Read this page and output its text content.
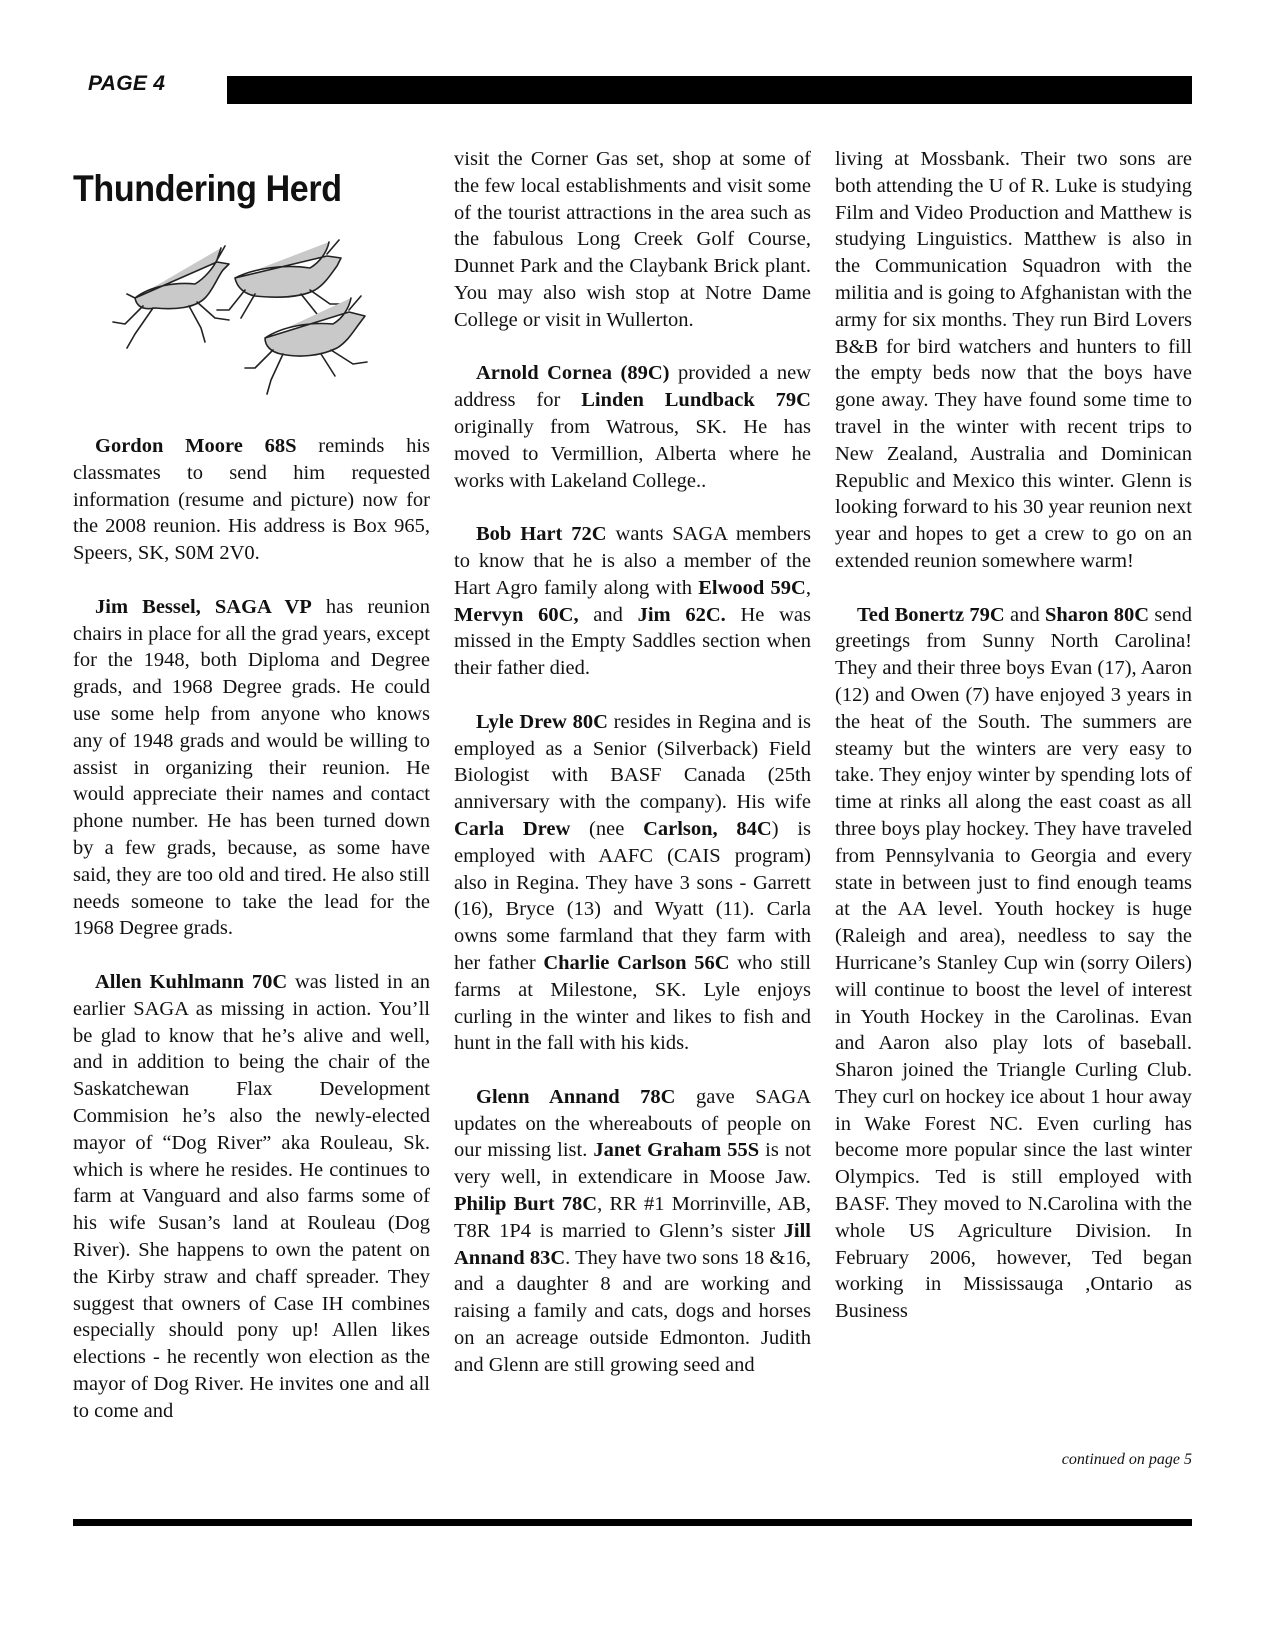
PAGE 4
Thundering Herd

Gordon Moore 68S reminds his classmates to send him requested information (resume and picture) now for the 2008 reunion. His address is Box 965, Speers, SK, S0M 2V0.

Jim Bessel, SAGA VP has reunion chairs in place for all the grad years, except for the 1948, both Diploma and Degree grads, and 1968 Degree grads. He could use some help from anyone who knows any of 1948 grads and would be willing to assist in organizing their reunion. He would appreciate their names and contact phone number. He has been turned down by a few grads, because, as some have said, they are too old and tired. He also still needs someone to take the lead for the 1968 Degree grads.

Allen Kuhlmann 70C was listed in an earlier SAGA as missing in action. You’ll be glad to know that he’s alive and well, and in addition to being the chair of the Saskatchewan Flax Development Commision he’s also the newly-elected mayor of “Dog River” aka Rouleau, Sk. which is where he resides. He continues to farm at Vanguard and also farms some of his wife Susan’s land at Rouleau (Dog River). She happens to own the patent on the Kirby straw and chaff spreader. They suggest that owners of Case IH combines especially should pony up! Allen likes elections - he recently won election as the mayor of Dog River. He invites one and all to come and

visit the Corner Gas set, shop at some of the few local establishments and visit some of the tourist attractions in the area such as the fabulous Long Creek Golf Course, Dunnet Park and the Claybank Brick plant. You may also wish stop at Notre Dame College or visit in Wullerton.

Arnold Cornea (89C) provided a new address for Linden Lundback 79C originally from Watrous, SK. He has moved to Vermillion, Alberta where he works with Lakeland College..

Bob Hart 72C wants SAGA members to know that he is also a member of the Hart Agro family along with Elwood 59C, Mervyn 60C, and Jim 62C. He was missed in the Empty Saddles section when their father died.

Lyle Drew 80C resides in Regina and is employed as a Senior (Silverback) Field Biologist with BASF Canada (25th anniversary with the company). His wife Carla Drew (nee Carlson, 84C) is employed with AAFC (CAIS program) also in Regina. They have 3 sons - Garrett (16), Bryce (13) and Wyatt (11). Carla owns some farmland that they farm with her father Charlie Carlson 56C who still farms at Milestone, SK. Lyle enjoys curling in the winter and likes to fish and hunt in the fall with his kids.

Glenn Annand 78C gave SAGA updates on the whereabouts of people on our missing list. Janet Graham 55S is not very well, in extendicare in Moose Jaw. Philip Burt 78C, RR #1 Morrinville, AB, T8R 1P4 is married to Glenn’s sister Jill Annand 83C. They have two sons 18 &16, and a daughter 8 and are working and raising a family and cats, dogs and horses on an acreage outside Edmonton. Judith and Glenn are still growing seed and

living at Mossbank. Their two sons are both attending the U of R. Luke is studying Film and Video Production and Matthew is studying Linguistics. Matthew is also in the Communication Squadron with the militia and is going to Afghanistan with the army for six months. They run Bird Lovers B&B for bird watchers and hunters to fill the empty beds now that the boys have gone away. They have found some time to travel in the winter with recent trips to New Zealand, Australia and Dominican Republic and Mexico this winter. Glenn is looking forward to his 30 year reunion next year and hopes to get a crew to go on an extended reunion somewhere warm!

Ted Bonertz 79C and Sharon 80C send greetings from Sunny North Carolina! They and their three boys Evan (17), Aaron (12) and Owen (7) have enjoyed 3 years in the heat of the South. The summers are steamy but the winters are very easy to take. They enjoy winter by spending lots of time at rinks all along the east coast as all three boys play hockey. They have traveled from Pennsylvania to Georgia and every state in between just to find enough teams at the AA level. Youth hockey is huge (Raleigh and area), needless to say the Hurricane’s Stanley Cup win (sorry Oilers) will continue to boost the level of interest in Youth Hockey in the Carolinas. Evan and Aaron also play lots of baseball. Sharon joined the Triangle Curling Club. They curl on hockey ice about 1 hour away in Wake Forest NC. Even curling has become more popular since the last winter Olympics. Ted is still employed with BASF. They moved to N.Carolina with the whole US Agriculture Division. In February 2006, however, Ted began working in Mississauga ,Ontario as Business

continued on page 5
